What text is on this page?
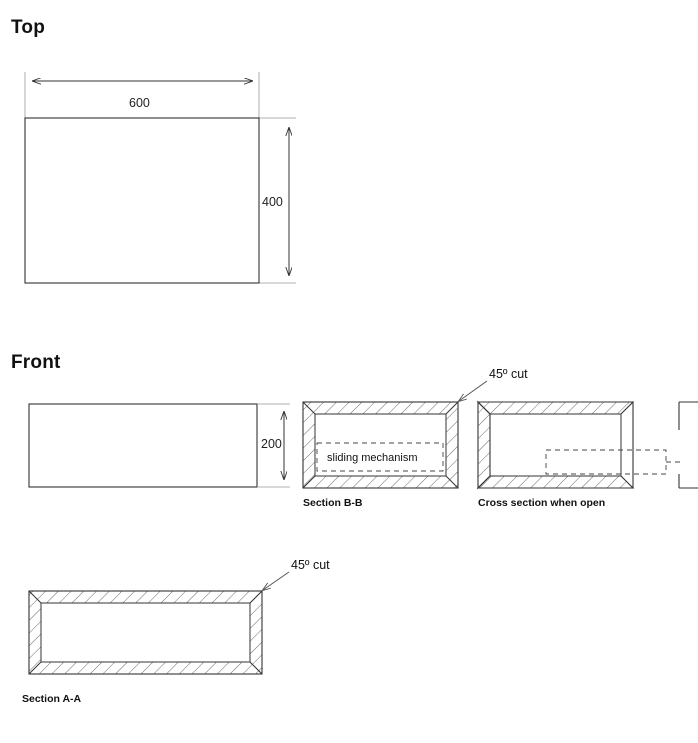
Top
Front
600
400
200
45º cut
45º cut
sliding mechanism
Section B-B	Cross section when open
Section A-A
